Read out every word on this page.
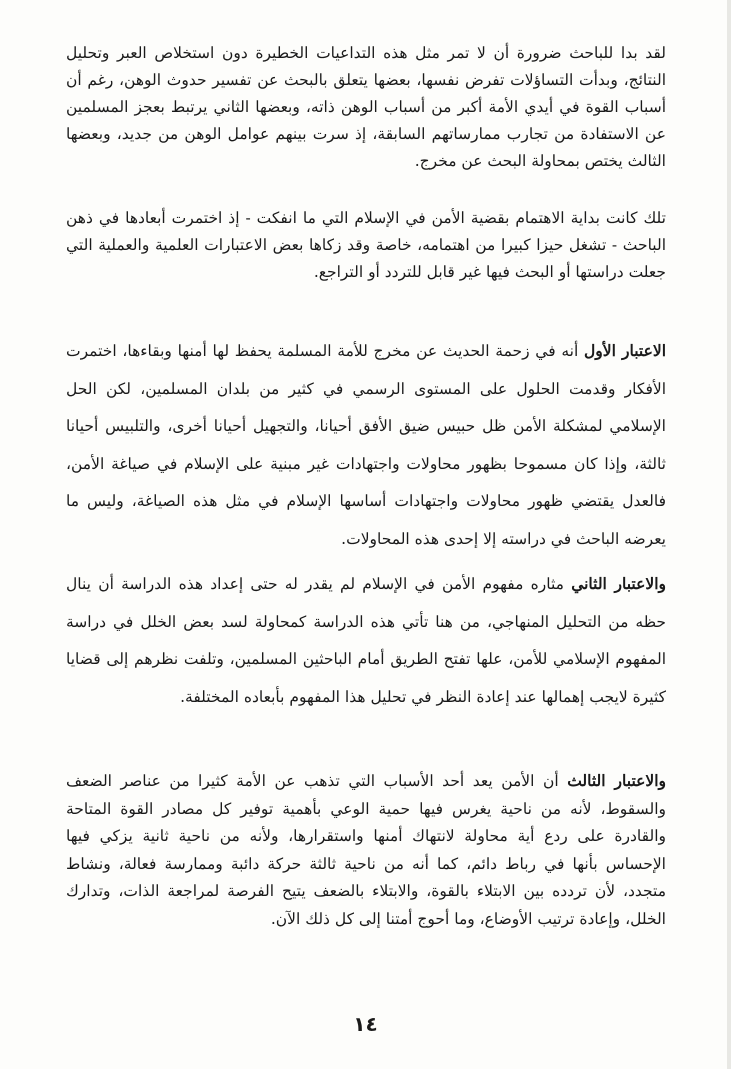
لقد بدا للباحث ضرورة أن لا تمر مثل هذه التداعيات الخطيرة دون استخلاص العبر وتحليل النتائج، وبدأت التساؤلات تفرض نفسها، بعضها يتعلق بالبحث عن تفسير حدوث الوهن، رغم أن أسباب القوة في أيدي الأمة أكبر من أسباب الوهن ذاته، وبعضها الثاني يرتبط بعجز المسلمين عن الاستفادة من تجارب ممارساتهم السابقة، إذ سرت بينهم عوامل الوهن من جديد، وبعضها الثالث يختص بمحاولة البحث عن مخرج.

تلك كانت بداية الاهتمام بقضية الأمن في الإسلام التي ما انفكت - إذ اختمرت أبعادها في ذهن الباحث - تشغل حيزا كبيرا من اهتمامه، خاصة وقد زكاها بعض الاعتبارات العلمية والعملية التي جعلت دراستها أو البحث فيها غير قابل للتردد أو التراجع.

الاعتبار الأول أنه في زحمة الحديث عن مخرج للأمة المسلمة يحفظ لها أمنها وبقاءها، اختمرت الأفكار وقدمت الحلول على المستوى الرسمي في كثير من بلدان المسلمين، لكن الحل الإسلامي لمشكلة الأمن ظل حبيس ضيق الأفق أحيانا، والتجهيل أحيانا أخرى، والتلبيس أحيانا ثالثة، وإذا كان مسموحا بظهور محاولات واجتهادات غير مبنية على الإسلام في صياغة الأمن، فالعدل يقتضي ظهور محاولات واجتهادات أساسها الإسلام في مثل هذه الصياغة، وليس ما يعرضه الباحث في دراسته إلا إحدى هذه المحاولات.

والاعتبار الثاني مثاره مفهوم الأمن في الإسلام لم يقدر له حتى إعداد هذه الدراسة أن ينال حظه من التحليل المنهاجي، من هنا تأتي هذه الدراسة كمحاولة لسد بعض الخلل في دراسة المفهوم الإسلامي للأمن، علها تفتح الطريق أمام الباحثين المسلمين، وتلفت نظرهم إلى قضايا كثيرة لايجب إهمالها عند إعادة النظر في تحليل هذا المفهوم بأبعاده المختلفة.

والاعتبار الثالث أن الأمن يعد أحد الأسباب التي تذهب عن الأمة كثيرا من عناصر الضعف والسقوط، لأنه من ناحية يغرس فيها حمية الوعي بأهمية توفير كل مصادر القوة المتاحة والقادرة على ردع أية محاولة لانتهاك أمنها واستقرارها، ولأنه من ناحية ثانية يزكي فيها الإحساس بأنها في رباط دائم، كما أنه من ناحية ثالثة حركة دائبة وممارسة فعالة، ونشاط متجدد، لأن تردده بين الابتلاء بالقوة، والابتلاء بالضعف يتيح الفرصة لمراجعة الذات، وتدارك الخلل، وإعادة ترتيب الأوضاع، وما أحوج أمتنا إلى كل ذلك الآن.

١٤
